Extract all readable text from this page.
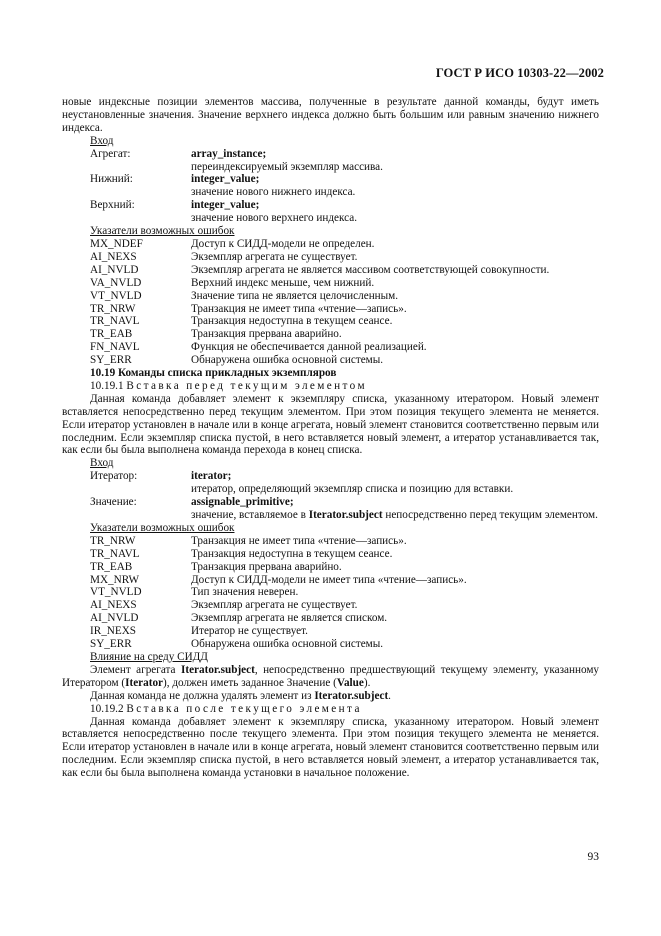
ГОСТ Р ИСО 10303-22—2002

новые индексные позиции элементов массива, полученные в результате данной команды, будут иметь неустановленные значения. Значение верхнего индекса должно быть большим или равным значению нижнего индекса.

Вход
Агрегат:	array_instance;
переиндексируемый экземпляр массива.
Нижний:	integer_value;
значение нового нижнего индекса.
Верхний:	integer_value;
значение нового верхнего индекса.
Указатели возможных ошибок
MX_NDEF	Доступ к СИДД-модели не определен.
AI_NEXS	Экземпляр агрегата не существует.
AI_NVLD	Экземпляр агрегата не является массивом соответствующей совокупности.
VA_NVLD	Верхний индекс меньше, чем нижний.
VT_NVLD	Значение типа не является целочисленным.
TR_NRW	Транзакция не имеет типа «чтение—запись».
TR_NAVL	Транзакция недоступна в текущем сеансе.
TR_EAB	Транзакция прервана аварийно.
FN_NAVL	Функция не обеспечивается данной реализацией.
SY_ERR	Обнаружена ошибка основной системы.
10.19 Команды списка прикладных экземпляров
10.19.1 Вставка перед текущим элементом

Данная команда добавляет элемент к экземпляру списка, указанному итератором. Новый элемент вставляется непосредственно перед текущим элементом. При этом позиция текущего элемента не меняется. Если итератор установлен в начале или в конце агрегата, новый элемент становится соответственно первым или последним. Если экземпляр списка пустой, в него вставляется новый элемент, а итератор устанавливается так, как если бы была выполнена команда перехода в конец списка.

Вход
Итератор:	iterator;
итератор, определяющий экземпляр списка и позицию для вставки.
Значение:	assignable_primitive;
значение, вставляемое в Iterator.subject непосредственно перед текущим элементом.
Указатели возможных ошибок
TR_NRW	Транзакция не имеет типа «чтение—запись».
TR_NAVL	Транзакция недоступна в текущем сеансе.
TR_EAB	Транзакция прервана аварийно.
MX_NRW	Доступ к СИДД-модели не имеет типа «чтение—запись».
VT_NVLD	Тип значения неверен.
AI_NEXS	Экземпляр агрегата не существует.
AI_NVLD	Экземпляр агрегата не является списком.
IR_NEXS	Итератор не существует.
SY_ERR	Обнаружена ошибка основной системы.
Влияние на среду СИДД

Элемент агрегата Iterator.subject, непосредственно предшествующий текущему элементу, указанному Итератором (Iterator), должен иметь заданное Значение (Value).

Данная команда не должна удалять элемент из Iterator.subject.

10.19.2 Вставка после текущего элемента

Данная команда добавляет элемент к экземпляру списка, указанному итератором. Новый элемент вставляется непосредственно после текущего элемента. При этом позиция текущего элемента не меняется. Если итератор установлен в начале или в конце агрегата, новый элемент становится соответственно первым или последним. Если экземпляр списка пустой, в него вставляется новый элемент, а итератор устанавливается так, как если бы была выполнена команда установки в начальное положение.

93
